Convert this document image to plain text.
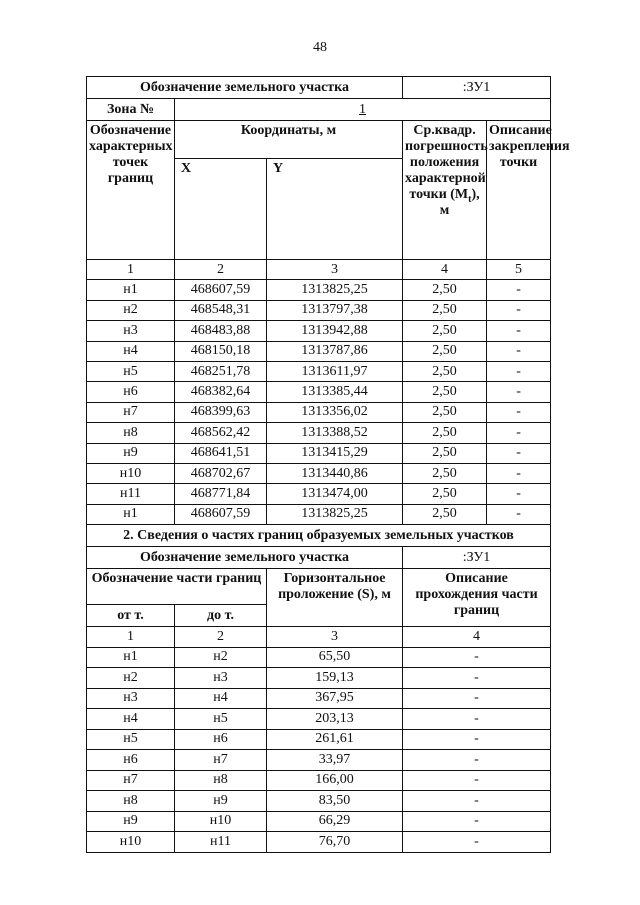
48
Обозначение земельного участка			:ЗУ1	
Зона №	1			
Обозначение характерных точек границ	Координаты, м		Ср.квадр. погрешность положения характерной точки $(M_t)$, м	Описание закрепления точки
	X	Y		
1	2	3	4	5
н1	468607,59	1313825,25	2,50	-
н2	468548,31	1313797,38	2,50	-
н3	468483,88	1313942,88	2,50	-
н4	468150,18	1313787,86	2,50	-
н5	468251,78	1313611,97	2,50	-
н6	468382,64	1313385,44	2,50	-
н7	468399,63	1313356,02	2,50	-
н8	468562,42	1313388,52	2,50	-
н9	468641,51	1313415,29	2,50	-
н10	468702,67	1313440,86	2,50	-
н11	468771,84	1313474,00	2,50	-
н1	468607,59	1313825,25	2,50	-
2. Сведения о частях границ образуемых земельных участков			
Обозначение земельного участка			:ЗУ1
Обозначение части границ		Горизонтальное проложение (S), м	Описание прохождения части границ
от т.	до т.		
1	2	3	4
н1	н2	65,50	-
н2	н3	159,13	-
н3	н4	367,95	-
н4	н5	203,13	-
н5	н6	261,61	-
н6	н7	33,97	-
н7	н8	166,00	-
н8	н9	83,50	-
н9	н10	66,29	-
н10	н11	76,70	-
